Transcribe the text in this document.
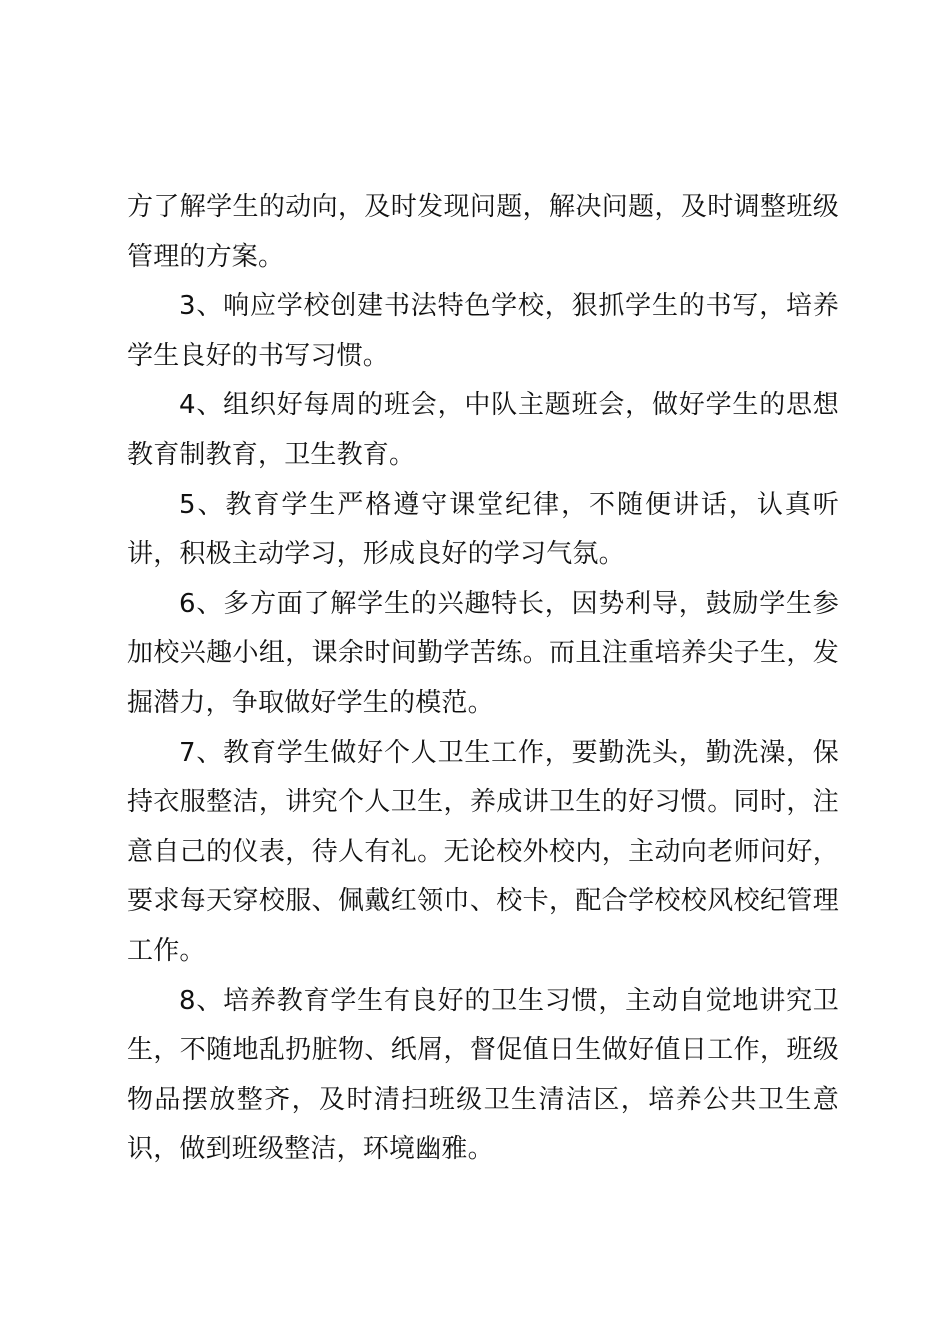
方了解学生的动向，及时发现问题，解决问题，及时调整班级管理的方案。

3、响应学校创建书法特色学校，狠抓学生的书写，培养学生良好的书写习惯。

4、组织好每周的班会，中队主题班会，做好学生的思想教育制教育，卫生教育。

5、教育学生严格遵守课堂纪律，不随便讲话，认真听讲，积极主动学习，形成良好的学习气氛。

6、多方面了解学生的兴趣特长，因势利导，鼓励学生参加校兴趣小组，课余时间勤学苦练。而且注重培养尖子生，发掘潜力，争取做好学生的模范。

7、教育学生做好个人卫生工作，要勤洗头，勤洗澡，保持衣服整洁，讲究个人卫生，养成讲卫生的好习惯。同时，注意自己的仪表，待人有礼。无论校外校内，主动向老师问好，要求每天穿校服、佩戴红领巾、校卡，配合学校校风校纪管理工作。

8、培养教育学生有良好的卫生习惯，主动自觉地讲究卫生，不随地乱扔脏物、纸屑，督促值日生做好值日工作，班级物品摆放整齐，及时清扫班级卫生清洁区，培养公共卫生意识，做到班级整洁，环境幽雅。
